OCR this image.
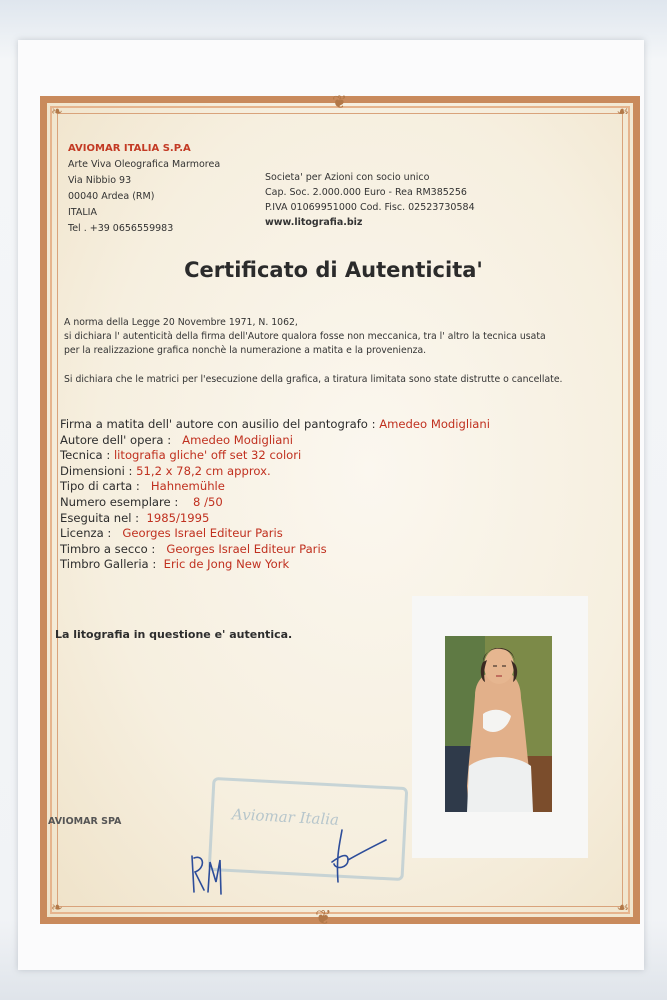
❦
❦
❧	☙
❧	☙
AVIOMAR ITALIA S.P.A
Arte Viva Oleografica Marmorea
Via Nibbio 93
00040 Ardea (RM)
ITALIA
Tel . +39 0656559983
Societa' per Azioni con socio unico
Cap. Soc. 2.000.000 Euro - Rea RM385256
P.IVA 01069951000 Cod. Fisc. 02523730584
www.litografia.biz
Certificato di Autenticita'
A norma della Legge 20 Novembre 1971, N. 1062,
si dichiara l' autenticità della firma dell'Autore qualora fosse non meccanica, tra l' altro la tecnica usata
per la realizzazione grafica nonchè la numerazione a matita e la provenienza.
Si dichiara che le matrici per l'esecuzione della grafica, a tiratura limitata sono state distrutte o cancellate.
Firma a matita dell' autore con ausilio del pantografo : Amedeo Modigliani
Autore dell' opera : Amedeo Modigliani
Tecnica : litografia gliche' off set 32 colori
Dimensioni : 51,2 x 78,2 cm approx.
Tipo di carta : Hahnemühle
Numero esemplare : 8 /50
Eseguita nel : 1985/1995
Licenza : Georges Israel Editeur Paris
Timbro a secco : Georges Israel Editeur Paris
Timbro Galleria : Eric de Jong New York
La litografia in questione e' autentica.
Aviomar Italia
AVIOMAR SPA
